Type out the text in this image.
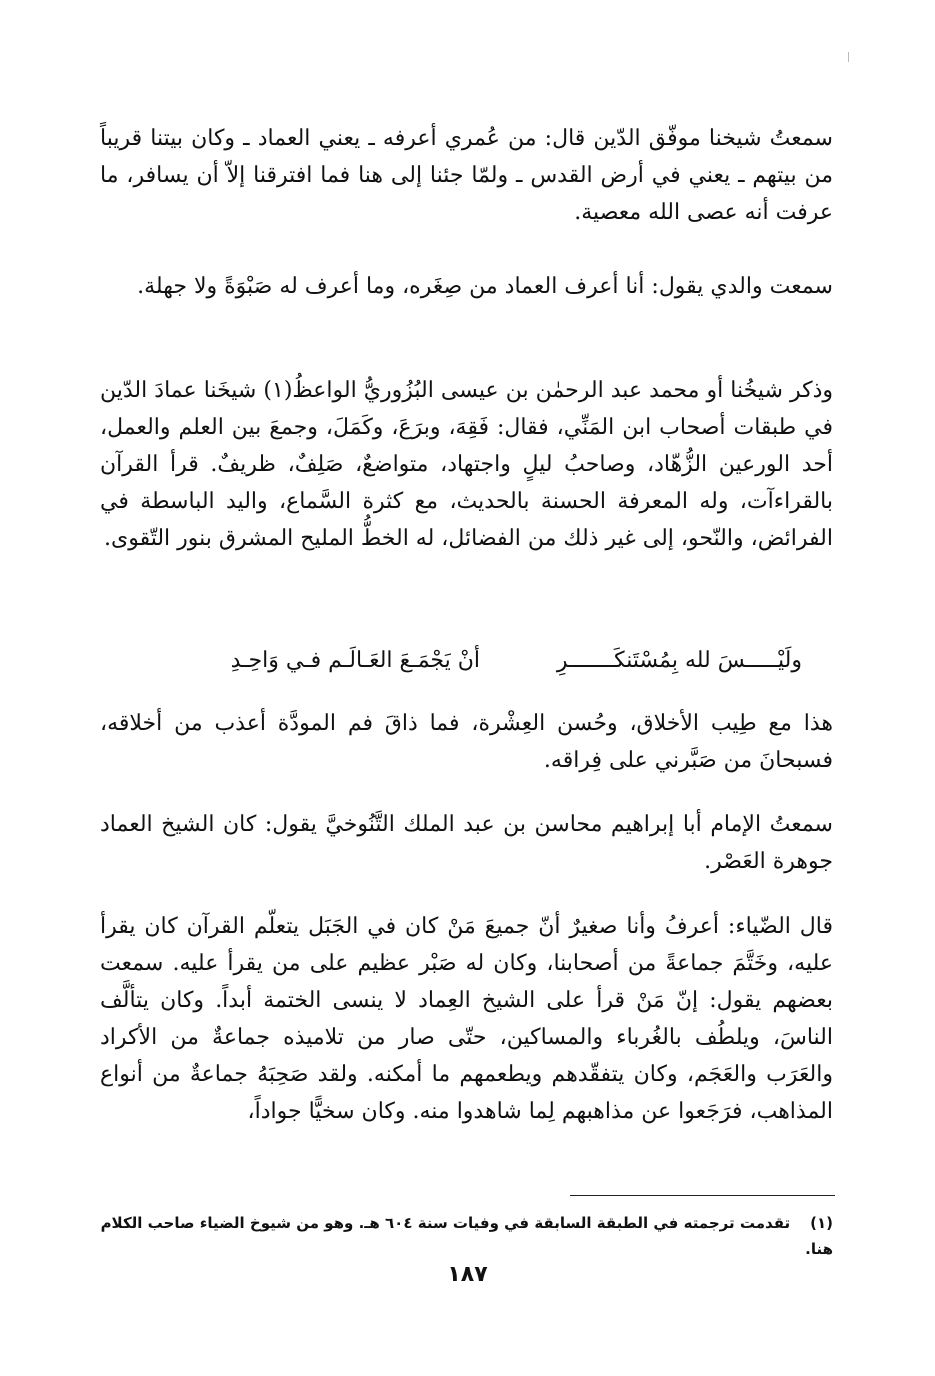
سمعتُ شيخنا موفّق الدّين قال: من عُمري أعرفه ـ يعني العماد ـ وكان بيتنا قريباً من بيتهم ـ يعني في أرض القدس ـ ولمّا جئنا إلى هنا فما افترقنا إلاّ أن يسافر، ما عرفت أنه عصى الله معصية.

سمعت والدي يقول: أنا أعرف العماد من صِغَره، وما أعرف له صَبْوَةً ولا جهلة.

وذكر شيخُنا أو محمد عبد الرحمٰن بن عيسى البُزُوريُّ الواعظُ(١) شيخَنا عمادَ الدّين في طبقات أصحاب ابن المَنِّي، فقال: فَقِهَ، وبرَعَ، وكَمَلَ، وجمعَ بين العلم والعمل، أحد الورعين الزُّهّاد، وصاحبُ ليلٍ واجتهاد، متواضعٌ، صَلِفٌ، ظريفٌ. قرأ القرآن بالقراءآت، وله المعرفة الحسنة بالحديث، مع كثرة السَّماع، واليد الباسطة في الفرائض، والنّحو، إلى غير ذلك من الفضائل، له الخطُّ المليح المشرق بنور التّقوى.

ولَيْـــــسَ لله بِمُسْتَنكَـــــــرِ
أنْ يَجْمَـعَ العَـالَـم فـي وَاحِـدِ

هذا مع طِيب الأخلاق، وحُسن العِشْرة، فما ذاقَ فم المودَّة أعذب من أخلاقه، فسبحانَ من صَبَّرني على فِراقه.

سمعتُ الإمام أبا إبراهيم محاسن بن عبد الملك التَّنُوخيَّ يقول: كان الشيخ العماد جوهرة العَصْر.

قال الضّياء: أعرفُ وأنا صغيرٌ أنّ جميعَ مَنْ كان في الجَبَل يتعلّم القرآن كان يقرأ عليه، وخَتَّمَ جماعةً من أصحابنا، وكان له صَبْر عظيم على من يقرأ عليه. سمعت بعضهم يقول: إنّ مَنْ قرأ على الشيخ العِماد لا ينسى الختمة أبداً. وكان يتألَّف الناسَ، ويلطُف بالغُرباء والمساكين، حتّى صار من تلاميذه جماعةٌ من الأكراد والعَرَب والعَجَم، وكان يتفقّدهم ويطعمهم ما أمكنه. ولقد صَحِبَهُ جماعةٌ من أنواع المذاهب، فرَجَعوا عن مذاهبهم لِما شاهدوا منه. وكان سخيًّا جواداً،

(١)تقدمت ترجمته في الطبقة السابقة في وفيات سنة ٦٠٤ هـ. وهو من شيوخ الضياء صاحب الكلام هنا.
١٨٧
